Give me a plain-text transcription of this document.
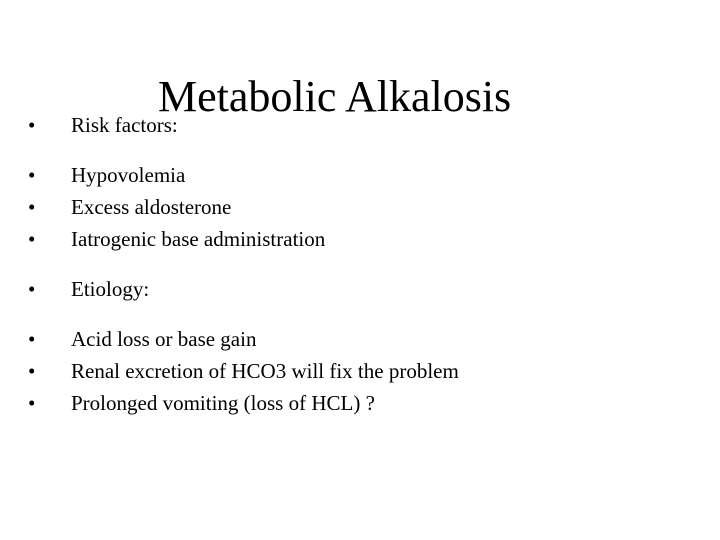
Metabolic Alkalosis
•	Risk factors:
•	Hypovolemia
•	Excess aldosterone
•	Iatrogenic base administration
•	Etiology:
•	Acid loss or base gain
•	Renal excretion of HCO3 will fix the problem
•	Prolonged vomiting (loss of HCL) ?
